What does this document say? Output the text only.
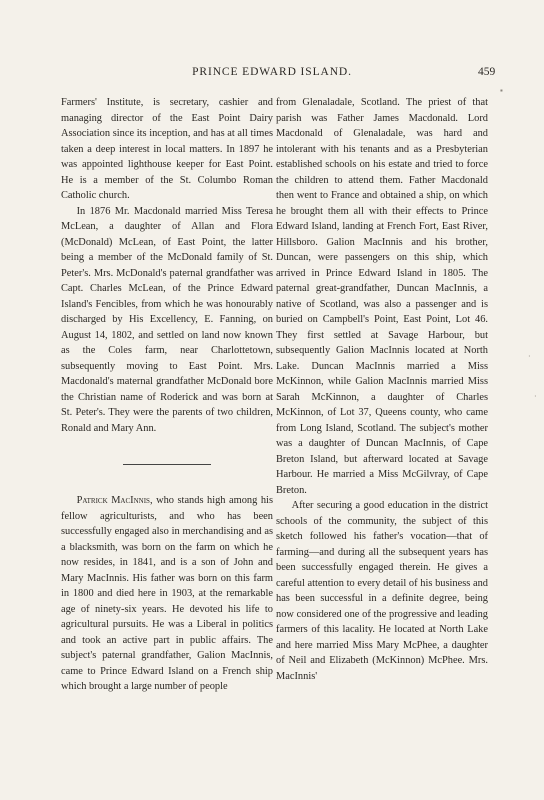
PRINCE EDWARD ISLAND.	459

Farmers' Institute, is secretary, cashier and managing director of the East Point Dairy Association since its inception, and has at all times taken a deep interest in local matters. In 1897 he was appointed lighthouse keeper for East Point. He is a member of the St. Columbo Roman Catholic church.

In 1876 Mr. Macdonald married Miss Teresa McLean, a daughter of Allan and Flora (McDonald) McLean, of East Point, the latter being a member of the McDonald family of St. Peter's. Mrs. McDonald's paternal grandfather was Capt. Charles McLean, of the Prince Edward Island's Fencibles, from which he was honourably discharged by His Excellency, E. Fanning, on August 14, 1802, and settled on land now known as the Coles farm, near Charlottetown, subsequently moving to East Point. Mrs. Macdonald's maternal grandfather McDonald bore the Christian name of Roderick and was born at St. Peter's. They were the parents of two children, Ronald and Mary Ann.

Patrick MacInnis, who stands high among his fellow agriculturists, and who has been successfully engaged also in merchandising and as a blacksmith, was born on the farm on which he now resides, in 1841, and is a son of John and Mary MacInnis. His father was born on this farm in 1800 and died here in 1903, at the remarkable age of ninety-six years. He devoted his life to agricultural pursuits. He was a Liberal in politics and took an active part in public affairs. The subject's paternal grandfather, Galion MacInnis, came to Prince Edward Island on a French ship which brought a large number of people

from Glenaladale, Scotland. The priest of that parish was Father James Macdonald. Lord Macdonald of Glenaladale, was hard and intolerant with his tenants and as a Presbyterian established schools on his estate and tried to force the children to attend them. Father Macdonald then went to France and obtained a ship, on which he brought them all with their effects to Prince Edward Island, landing at French Fort, East River, Hillsboro. Galion MacInnis and his brother, Duncan, were passengers on this ship, which arrived in Prince Edward Island in 1805. The paternal great-grandfather, Duncan MacInnis, a native of Scotland, was also a passenger and is buried on Campbell's Point, East Point, Lot 46. They first settled at Savage Harbour, but subsequently Galion MacInnis located at North Lake. Duncan MacInnis married a Miss McKinnon, while Galion MacInnis married Miss Sarah McKinnon, a daughter of Charles McKinnon, of Lot 37, Queens county, who came from Long Island, Scotland. The subject's mother was a daughter of Duncan MacInnis, of Cape Breton Island, but afterward located at Savage Harbour. He married a Miss McGilvray, of Cape Breton.

After securing a good education in the district schools of the community, the subject of this sketch followed his father's vocation—that of farming—and during all the subsequent years has been successfully engaged therein. He gives a careful attention to every detail of his business and has been successful in a definite degree, being now considered one of the progressive and leading farmers of this lacality. He located at North Lake and here married Miss Mary McPhee, a daughter of Neil and Elizabeth (McKinnon) McPhee. Mrs. MacInnis'

▪
·
·
